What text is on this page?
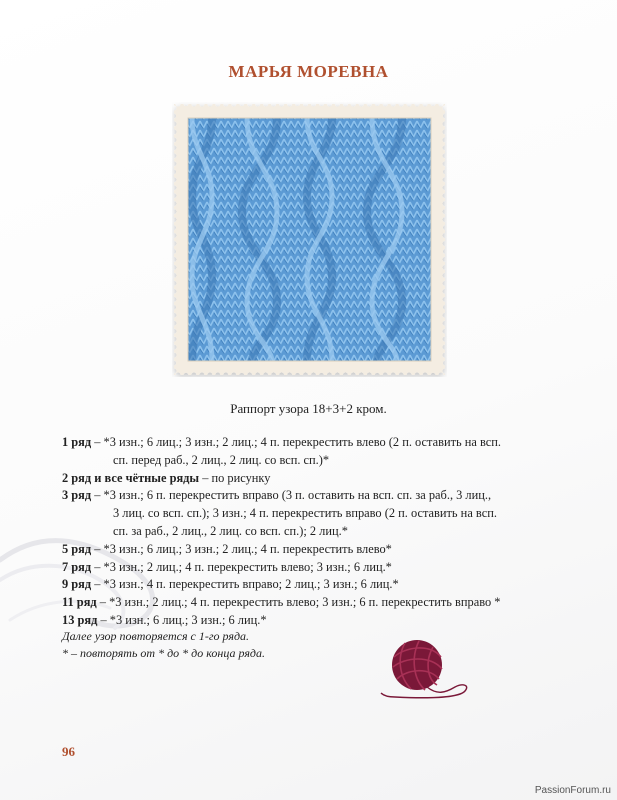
МАРЬЯ МОРЕВНА
Раппорт узора 18+3+2 кром.
1 ряд – *3 изн.; 6 лиц.; 3 изн.; 2 лиц.; 4 п. перекрестить влево (2 п. оставить на всп.
сп. перед раб., 2 лиц., 2 лиц. со всп. сп.)*
2 ряд и все чётные ряды – по рисунку
3 ряд – *3 изн.; 6 п. перекрестить вправо (3 п. оставить на всп. сп. за раб., 3 лиц.,
3 лиц. со всп. сп.); 3 изн.; 4 п. перекрестить вправо (2 п. оставить на всп.
сп. за раб., 2 лиц., 2 лиц. со всп. сп.); 2 лиц.*
5 ряд – *3 изн.; 6 лиц.; 3 изн.; 2 лиц.; 4 п. перекрестить влево*
7 ряд – *3 изн.; 2 лиц.; 4 п. перекрестить влево; 3 изн.; 6 лиц.*
9 ряд – *3 изн.; 4 п. перекрестить вправо; 2 лиц.; 3 изн.; 6 лиц.*
11 ряд – *3 изн.; 2 лиц.; 4 п. перекрестить влево; 3 изн.; 6 п. перекрестить вправо *
13 ряд – *3 изн.; 6 лиц.; 3 изн.; 6 лиц.*
Далее узор повторяется с 1-го ряда.
* – повторять от * до * до конца ряда.
96
PassionForum.ru
